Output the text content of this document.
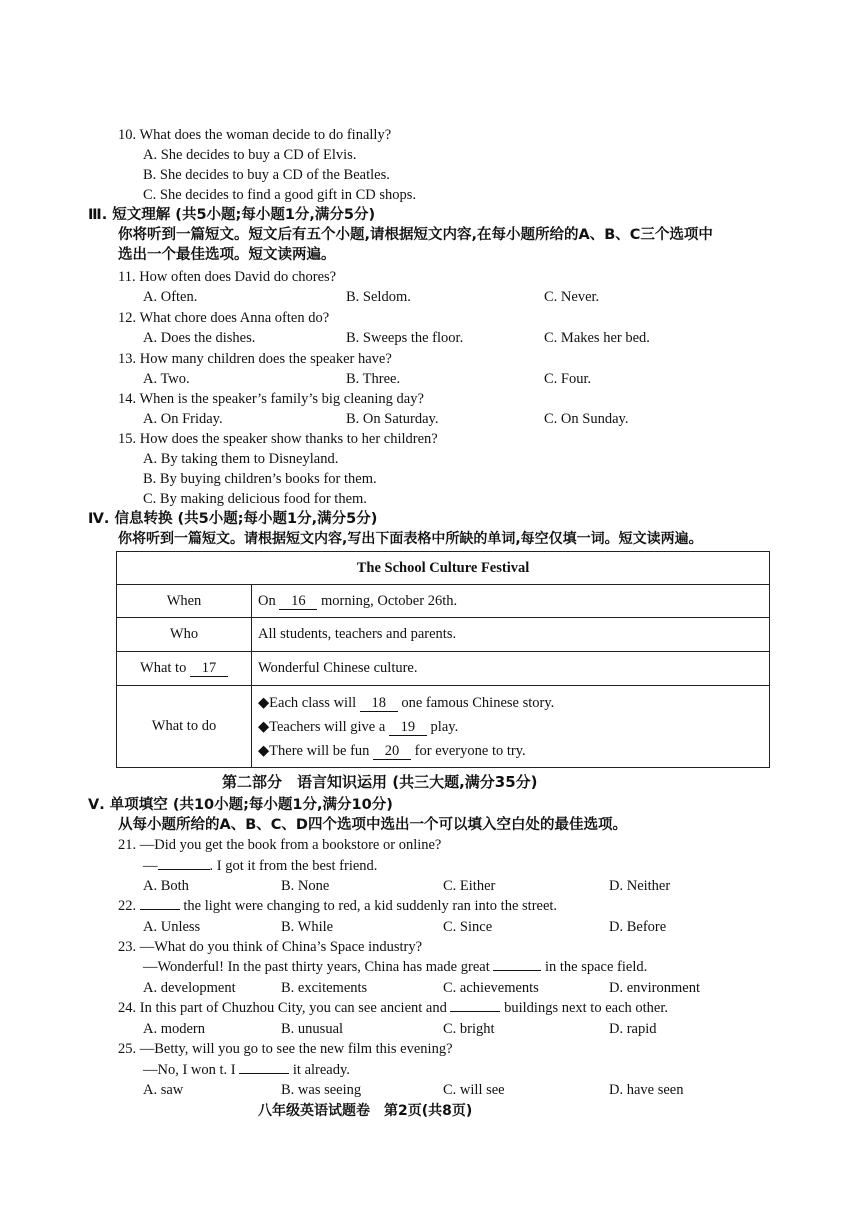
10. What does the woman decide to do finally?
A. She decides to buy a CD of Elvis.
B. She decides to buy a CD of the Beatles.
C. She decides to find a good gift in CD shops.
Ⅲ. 短文理解 (共5小题;每小题1分,满分5分)
你将听到一篇短文。短文后有五个小题,请根据短文内容,在每小题所给的A、B、C三个选项中
选出一个最佳选项。短文读两遍。
11. How often does David do chores?
A. Often.	B. Seldom.	C. Never.
12. What chore does Anna often do?
A. Does the dishes.	B. Sweeps the floor.	C. Makes her bed.
13. How many children does the speaker have?
A. Two.	B. Three.	C. Four.
14. When is the speaker’s family’s big cleaning day?
A. On Friday.	B. On Saturday.	C. On Sunday.
15. How does the speaker show thanks to her children?
A. By taking them to Disneyland.
B. By buying children’s books for them.
C. By making delicious food for them.
Ⅳ. 信息转换 (共5小题;每小题1分,满分5分)
你将听到一篇短文。请根据短文内容,写出下面表格中所缺的单词,每空仅填一词。短文读两遍。
The School Culture Festival	
When	On 16 morning, October 26th.
Who	All students, teachers and parents.
What to 17	Wonderful Chinese culture.
What to do	◆Each class will 18 one famous Chinese story.
◆Teachers will give a 19 play.
◆There will be fun 20 for everyone to try.
第二部分　语言知识运用 (共三大题,满分35分)
Ⅴ. 单项填空 (共10小题;每小题1分,满分10分)
从每小题所给的A、B、C、D四个选项中选出一个可以填入空白处的最佳选项。
21. —Did you get the book from a bookstore or online?
—	. I got it from the best friend.
A. Both	B. None	C. Either	D. Neither
22.	the light were changing to red, a kid suddenly ran into the street.
A. Unless	B. While	C. Since	D. Before
23. —What do you think of China’s Space industry?
—Wonderful! In the past thirty years, China has made great	in the space field.
A. development	B. excitements	C. achievements	D. environment
24. In this part of Chuzhou City, you can see ancient and	buildings next to each other.
A. modern	B. unusual	C. bright	D. rapid
25. —Betty, will you go to see the new film this evening?
—No, I won t. I	it already.
A. saw	B. was seeing	C. will see	D. have seen
八年级英语试题卷　第2页(共8页)
